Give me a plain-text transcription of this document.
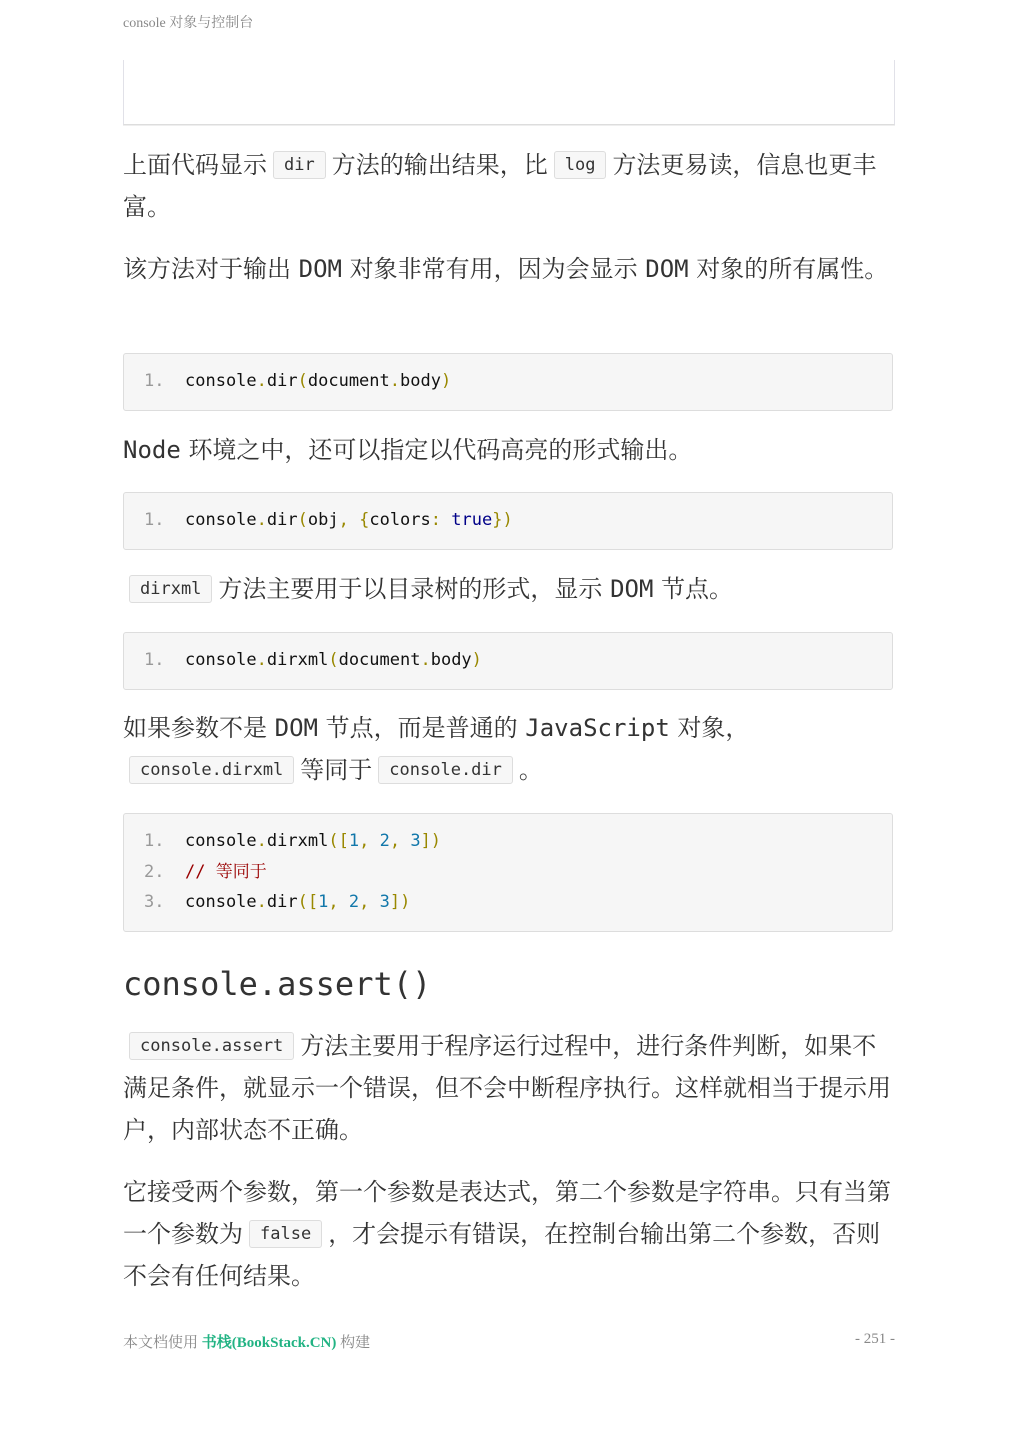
console 对象与控制台
上面代码显示 dir 方法的输出结果，比 log 方法更易读，信息也更丰富。
该方法对于输出 DOM 对象非常有用，因为会显示 DOM 对象的所有属性。
1. console.dir(document.body)
Node 环境之中，还可以指定以代码高亮的形式输出。
1. console.dir(obj, {colors: true})
dirxml 方法主要用于以目录树的形式，显示 DOM 节点。
1. console.dirxml(document.body)
如果参数不是 DOM 节点，而是普通的 JavaScript 对象，console.dirxml 等同于 console.dir 。
1. console.dirxml([1, 2, 3])
2. // 等同于
3. console.dir([1, 2, 3])
console.assert()
console.assert 方法主要用于程序运行过程中，进行条件判断，如果不满足条件，就显示一个错误，但不会中断程序执行。这样就相当于提示用户，内部状态不正确。
它接受两个参数，第一个参数是表达式，第二个参数是字符串。只有当第一个参数为 false ，才会提示有错误，在控制台输出第二个参数，否则不会有任何结果。
本文档使用 书栈(BookStack.CN) 构建	- 251 -
